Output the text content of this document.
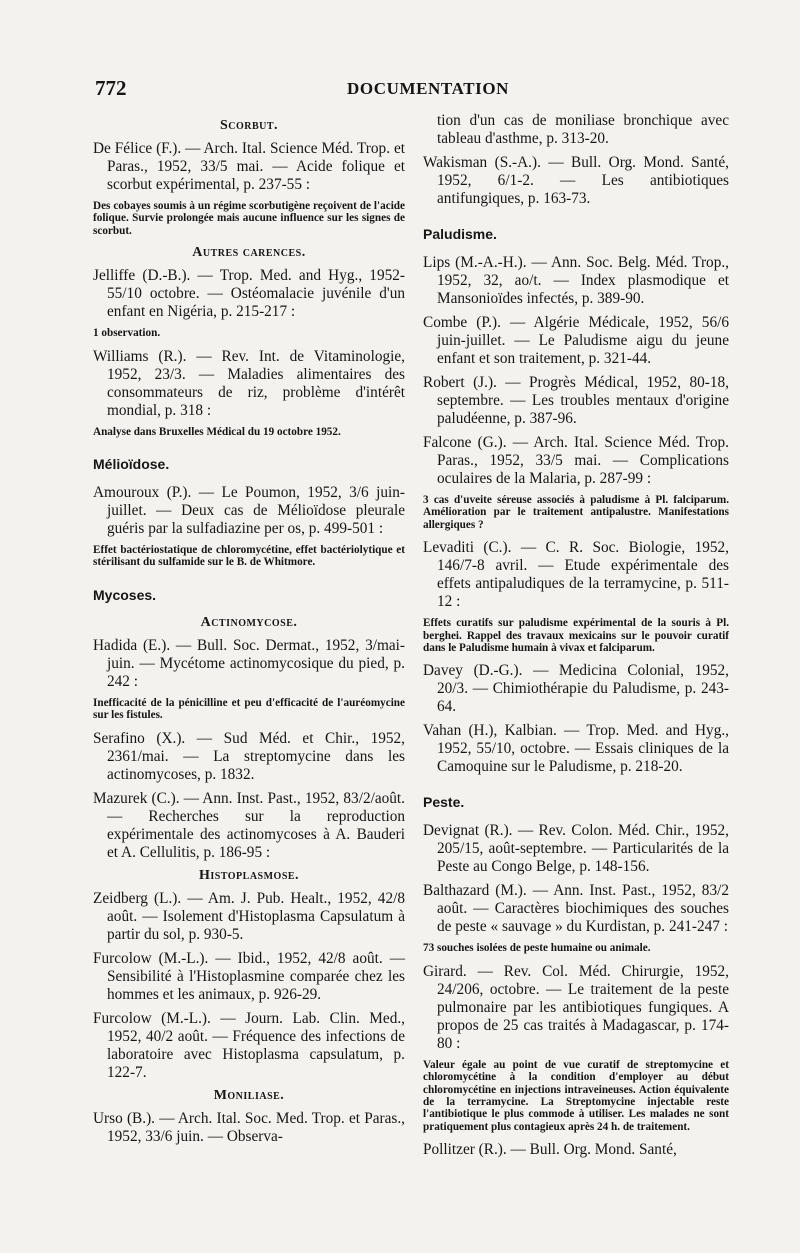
772	DOCUMENTATION
Scorbut.

De Félice (F.). — Arch. Ital. Science Méd. Trop. et Paras., 1952, 33/5 mai. — Acide folique et scorbut expérimental, p. 237-55 :

Des cobayes soumis à un régime scorbutigène reçoivent de l'acide folique. Survie prolongée mais aucune influence sur les signes de scorbut.

Autres carences.

Jelliffe (D.-B.). — Trop. Med. and Hyg., 1952-55/10 octobre. — Ostéomalacie juvénile d'un enfant en Nigéria, p. 215-217 :

1 observation.

Williams (R.). — Rev. Int. de Vitaminologie, 1952, 23/3. — Maladies alimentaires des consommateurs de riz, problème d'intérêt mondial, p. 318 :

Analyse dans Bruxelles Médical du 19 octobre 1952.

Mélioïdose.

Amouroux (P.). — Le Poumon, 1952, 3/6 juin-juillet. — Deux cas de Mélioïdose pleurale guéris par la sulfadiazine per os, p. 499-501 :

Effet bactériostatique de chloromycétine, effet bactériolytique et stérilisant du sulfamide sur le B. de Whitmore.

Mycoses.
Actinomycose.

Hadida (E.). — Bull. Soc. Dermat., 1952, 3/mai-juin. — Mycétome actinomycosique du pied, p. 242 :

Inefficacité de la pénicilline et peu d'efficacité de l'auréomycine sur les fistules.

Serafino (X.). — Sud Méd. et Chir., 1952, 2361/mai. — La streptomycine dans les actinomycoses, p. 1832.

Mazurek (C.). — Ann. Inst. Past., 1952, 83/2/août. — Recherches sur la reproduction expérimentale des actinomycoses à A. Bauderi et A. Cellulitis, p. 186-95 :

Histoplasmose.

Zeidberg (L.). — Am. J. Pub. Healt., 1952, 42/8 août. — Isolement d'Histoplasma Capsulatum à partir du sol, p. 930-5.

Furcolow (M.-L.). — Ibid., 1952, 42/8 août. — Sensibilité à l'Histoplasmine comparée chez les hommes et les animaux, p. 926-29.

Furcolow (M.-L.). — Journ. Lab. Clin. Med., 1952, 40/2 août. — Fréquence des infections de laboratoire avec Histoplasma capsulatum, p. 122-7.

Moniliase.

Urso (B.). — Arch. Ital. Soc. Med. Trop. et Paras., 1952, 33/6 juin. — Observa-

tion d'un cas de moniliase bronchique avec tableau d'asthme, p. 313-20.

Wakisman (S.-A.). — Bull. Org. Mond. Santé, 1952, 6/1-2. — Les antibiotiques antifungiques, p. 163-73.

Paludisme.

Lips (M.-A.-H.). — Ann. Soc. Belg. Méd. Trop., 1952, 32, ao/t. — Index plasmodique et Mansonioïdes infectés, p. 389-90.

Combe (P.). — Algérie Médicale, 1952, 56/6 juin-juillet. — Le Paludisme aigu du jeune enfant et son traitement, p. 321-44.

Robert (J.). — Progrès Médical, 1952, 80-18, septembre. — Les troubles mentaux d'origine paludéenne, p. 387-96.

Falcone (G.). — Arch. Ital. Science Méd. Trop. Paras., 1952, 33/5 mai. — Complications oculaires de la Malaria, p. 287-99 :

3 cas d'uveite séreuse associés à paludisme à Pl. falciparum. Amélioration par le traitement antipalustre. Manifestations allergiques ?

Levaditi (C.). — C. R. Soc. Biologie, 1952, 146/7-8 avril. — Etude expérimentale des effets antipaludiques de la terramycine, p. 511-12 :

Effets curatifs sur paludisme expérimental de la souris à Pl. berghei. Rappel des travaux mexicains sur le pouvoir curatif dans le Paludisme humain à vivax et falciparum.

Davey (D.-G.). — Medicina Colonial, 1952, 20/3. — Chimiothérapie du Paludisme, p. 243-64.

Vahan (H.), Kalbian. — Trop. Med. and Hyg., 1952, 55/10, octobre. — Essais cliniques de la Camoquine sur le Paludisme, p. 218-20.

Peste.

Devignat (R.). — Rev. Colon. Méd. Chir., 1952, 205/15, août-septembre. — Particularités de la Peste au Congo Belge, p. 148-156.

Balthazard (M.). — Ann. Inst. Past., 1952, 83/2 août. — Caractères biochimiques des souches de peste « sauvage » du Kurdistan, p. 241-247 :

73 souches isolées de peste humaine ou animale.

Girard. — Rev. Col. Méd. Chirurgie, 1952, 24/206, octobre. — Le traitement de la peste pulmonaire par les antibiotiques fungiques. A propos de 25 cas traités à Madagascar, p. 174-80 :

Valeur égale au point de vue curatif de streptomycine et chloromycétine à la condition d'employer au début chloromycétine en injections intraveineuses. Action équivalente de la terramycine. La Streptomycine injectable reste l'antibiotique le plus commode à utiliser. Les malades ne sont pratiquement plus contagieux après 24 h. de traitement.

Pollitzer (R.). — Bull. Org. Mond. Santé,
